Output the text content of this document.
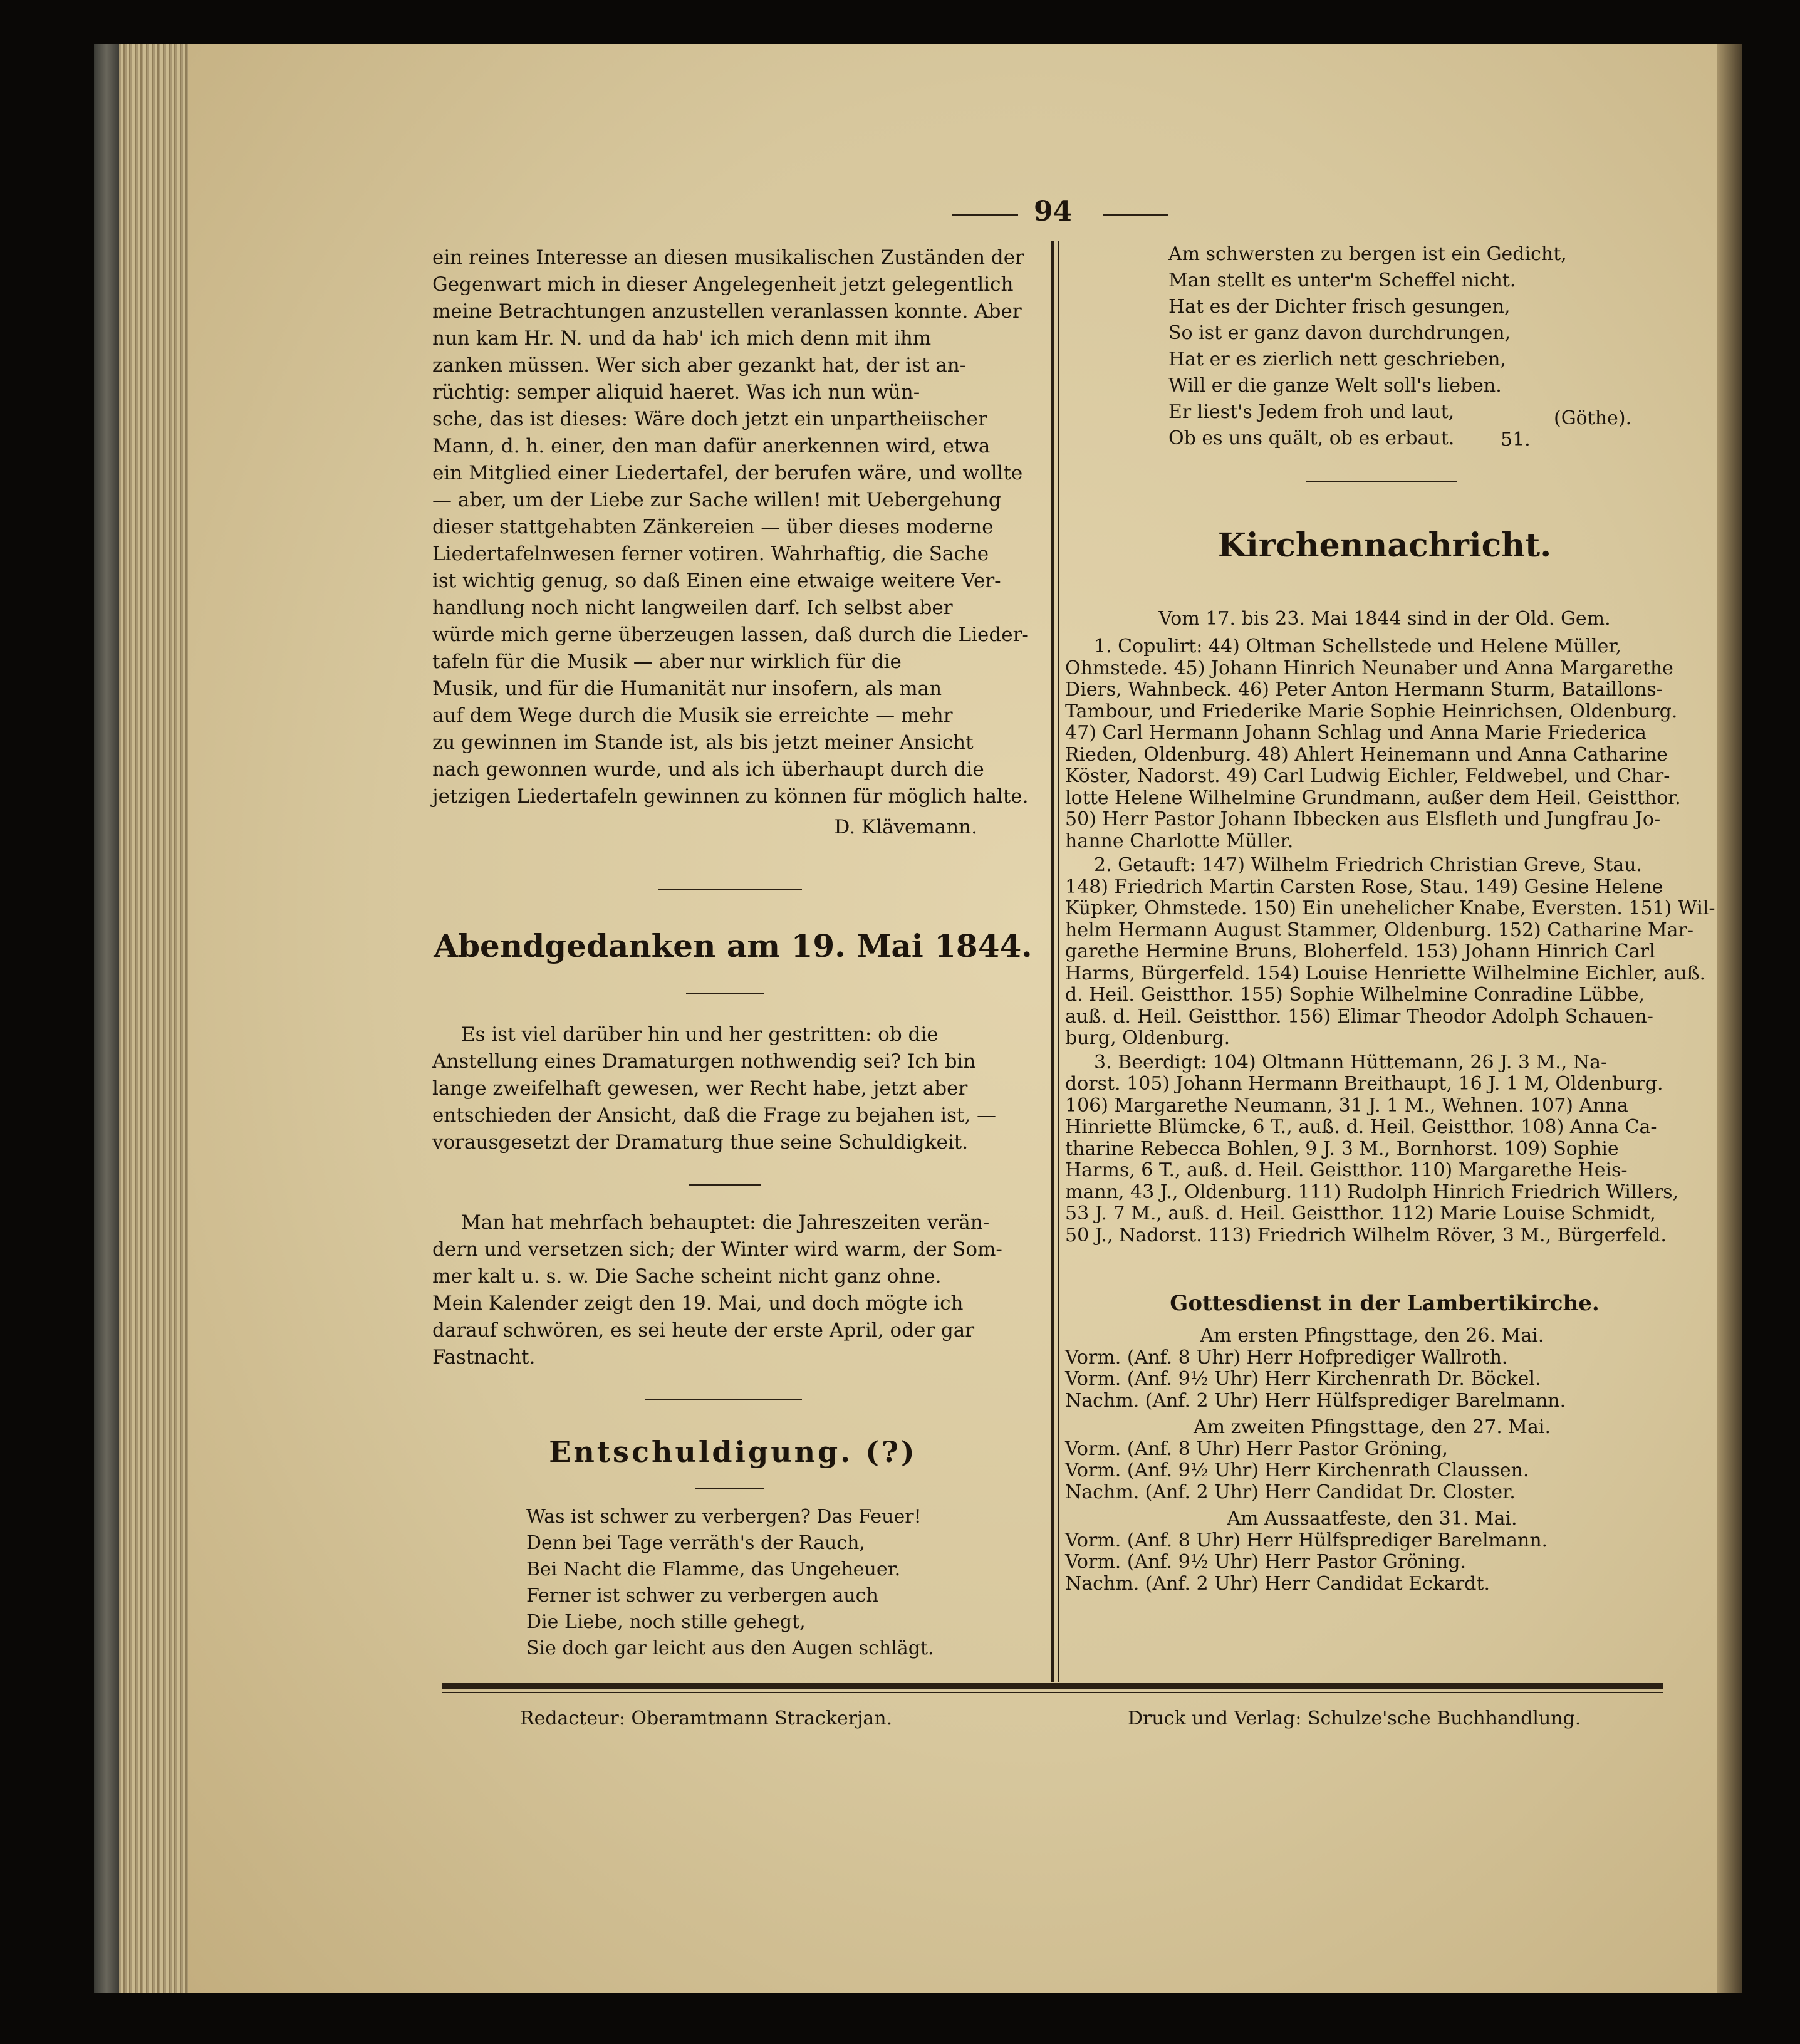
94
ein reines Interesse an diesen musikalischen Zuständen der
Gegenwart mich in dieser Angelegenheit jetzt gelegentlich
meine Betrachtungen anzustellen veranlassen konnte. Aber
nun kam Hr. N. und da hab' ich mich denn mit ihm
zanken müssen. Wer sich aber gezankt hat, der ist an-
rüchtig: semper aliquid haeret. Was ich nun wün-
sche, das ist dieses: Wäre doch jetzt ein unpartheiischer
Mann, d. h. einer, den man dafür anerkennen wird, etwa
ein Mitglied einer Liedertafel, der berufen wäre, und wollte
— aber, um der Liebe zur Sache willen! mit Uebergehung
dieser stattgehabten Zänkereien — über dieses moderne
Liedertafelnwesen ferner votiren. Wahrhaftig, die Sache
ist wichtig genug, so daß Einen eine etwaige weitere Ver-
handlung noch nicht langweilen darf. Ich selbst aber
würde mich gerne überzeugen lassen, daß durch die Lieder-
tafeln für die Musik — aber nur wirklich für die
Musik, und für die Humanität nur insofern, als man
auf dem Wege durch die Musik sie erreichte — mehr
zu gewinnen im Stande ist, als bis jetzt meiner Ansicht
nach gewonnen wurde, und als ich überhaupt durch die
jetzigen Liedertafeln gewinnen zu können für möglich halte.
D. Klävemann.
Abendgedanken am 19. Mai 1844.
Es ist viel darüber hin und her gestritten: ob die
Anstellung eines Dramaturgen nothwendig sei? Ich bin
lange zweifelhaft gewesen, wer Recht habe, jetzt aber
entschieden der Ansicht, daß die Frage zu bejahen ist, —
vorausgesetzt der Dramaturg thue seine Schuldigkeit.
Man hat mehrfach behauptet: die Jahreszeiten verän-
dern und versetzen sich; der Winter wird warm, der Som-
mer kalt u. s. w. Die Sache scheint nicht ganz ohne.
Mein Kalender zeigt den 19. Mai, und doch mögte ich
darauf schwören, es sei heute der erste April, oder gar
Fastnacht.
Entschuldigung. (?)
Was ist schwer zu verbergen? Das Feuer!
Denn bei Tage verräth's der Rauch,
Bei Nacht die Flamme, das Ungeheuer.
Ferner ist schwer zu verbergen auch
Die Liebe, noch stille gehegt,
Sie doch gar leicht aus den Augen schlägt.
Am schwersten zu bergen ist ein Gedicht,
Man stellt es unter'm Scheffel nicht.
Hat es der Dichter frisch gesungen,
So ist er ganz davon durchdrungen,
Hat er es zierlich nett geschrieben,
Will er die ganze Welt soll's lieben.
Er liest's Jedem froh und laut,
Ob es uns quält, ob es erbaut.
(Göthe).
51.
Kirchennachricht.
Vom 17. bis 23. Mai 1844 sind in der Old. Gem.
1. Copulirt: 44) Oltman Schellstede und Helene Müller,
Ohmstede. 45) Johann Hinrich Neunaber und Anna Margarethe
Diers, Wahnbeck. 46) Peter Anton Hermann Sturm, Bataillons-
Tambour, und Friederike Marie Sophie Heinrichsen, Oldenburg.
47) Carl Hermann Johann Schlag und Anna Marie Friederica
Rieden, Oldenburg. 48) Ahlert Heinemann und Anna Catharine
Köster, Nadorst. 49) Carl Ludwig Eichler, Feldwebel, und Char-
lotte Helene Wilhelmine Grundmann, außer dem Heil. Geistthor.
50) Herr Pastor Johann Ibbecken aus Elsfleth und Jungfrau Jo-
hanne Charlotte Müller.
2. Getauft: 147) Wilhelm Friedrich Christian Greve, Stau.
148) Friedrich Martin Carsten Rose, Stau. 149) Gesine Helene
Küpker, Ohmstede. 150) Ein unehelicher Knabe, Eversten. 151) Wil-
helm Hermann August Stammer, Oldenburg. 152) Catharine Mar-
garethe Hermine Bruns, Bloherfeld. 153) Johann Hinrich Carl
Harms, Bürgerfeld. 154) Louise Henriette Wilhelmine Eichler, auß.
d. Heil. Geistthor. 155) Sophie Wilhelmine Conradine Lübbe,
auß. d. Heil. Geistthor. 156) Elimar Theodor Adolph Schauen-
burg, Oldenburg.
3. Beerdigt: 104) Oltmann Hüttemann, 26 J. 3 M., Na-
dorst. 105) Johann Hermann Breithaupt, 16 J. 1 M, Oldenburg.
106) Margarethe Neumann, 31 J. 1 M., Wehnen. 107) Anna
Hinriette Blümcke, 6 T., auß. d. Heil. Geistthor. 108) Anna Ca-
tharine Rebecca Bohlen, 9 J. 3 M., Bornhorst. 109) Sophie
Harms, 6 T., auß. d. Heil. Geistthor. 110) Margarethe Heis-
mann, 43 J., Oldenburg. 111) Rudolph Hinrich Friedrich Willers,
53 J. 7 M., auß. d. Heil. Geistthor. 112) Marie Louise Schmidt,
50 J., Nadorst. 113) Friedrich Wilhelm Röver, 3 M., Bürgerfeld.
Gottesdienst in der Lambertikirche.
Am ersten Pfingsttage, den 26. Mai.
Vorm. (Anf. 8 Uhr) Herr Hofprediger Wallroth.
Vorm. (Anf. 9½ Uhr) Herr Kirchenrath Dr. Böckel.
Nachm. (Anf. 2 Uhr) Herr Hülfsprediger Barelmann.
Am zweiten Pfingsttage, den 27. Mai.
Vorm. (Anf. 8 Uhr) Herr Pastor Gröning,
Vorm. (Anf. 9½ Uhr) Herr Kirchenrath Claussen.
Nachm. (Anf. 2 Uhr) Herr Candidat Dr. Closter.
Am Aussaatfeste, den 31. Mai.
Vorm. (Anf. 8 Uhr) Herr Hülfsprediger Barelmann.
Vorm. (Anf. 9½ Uhr) Herr Pastor Gröning.
Nachm. (Anf. 2 Uhr) Herr Candidat Eckardt.
Redacteur: Oberamtmann Strackerjan.	Druck und Verlag: Schulze'sche Buchhandlung.
